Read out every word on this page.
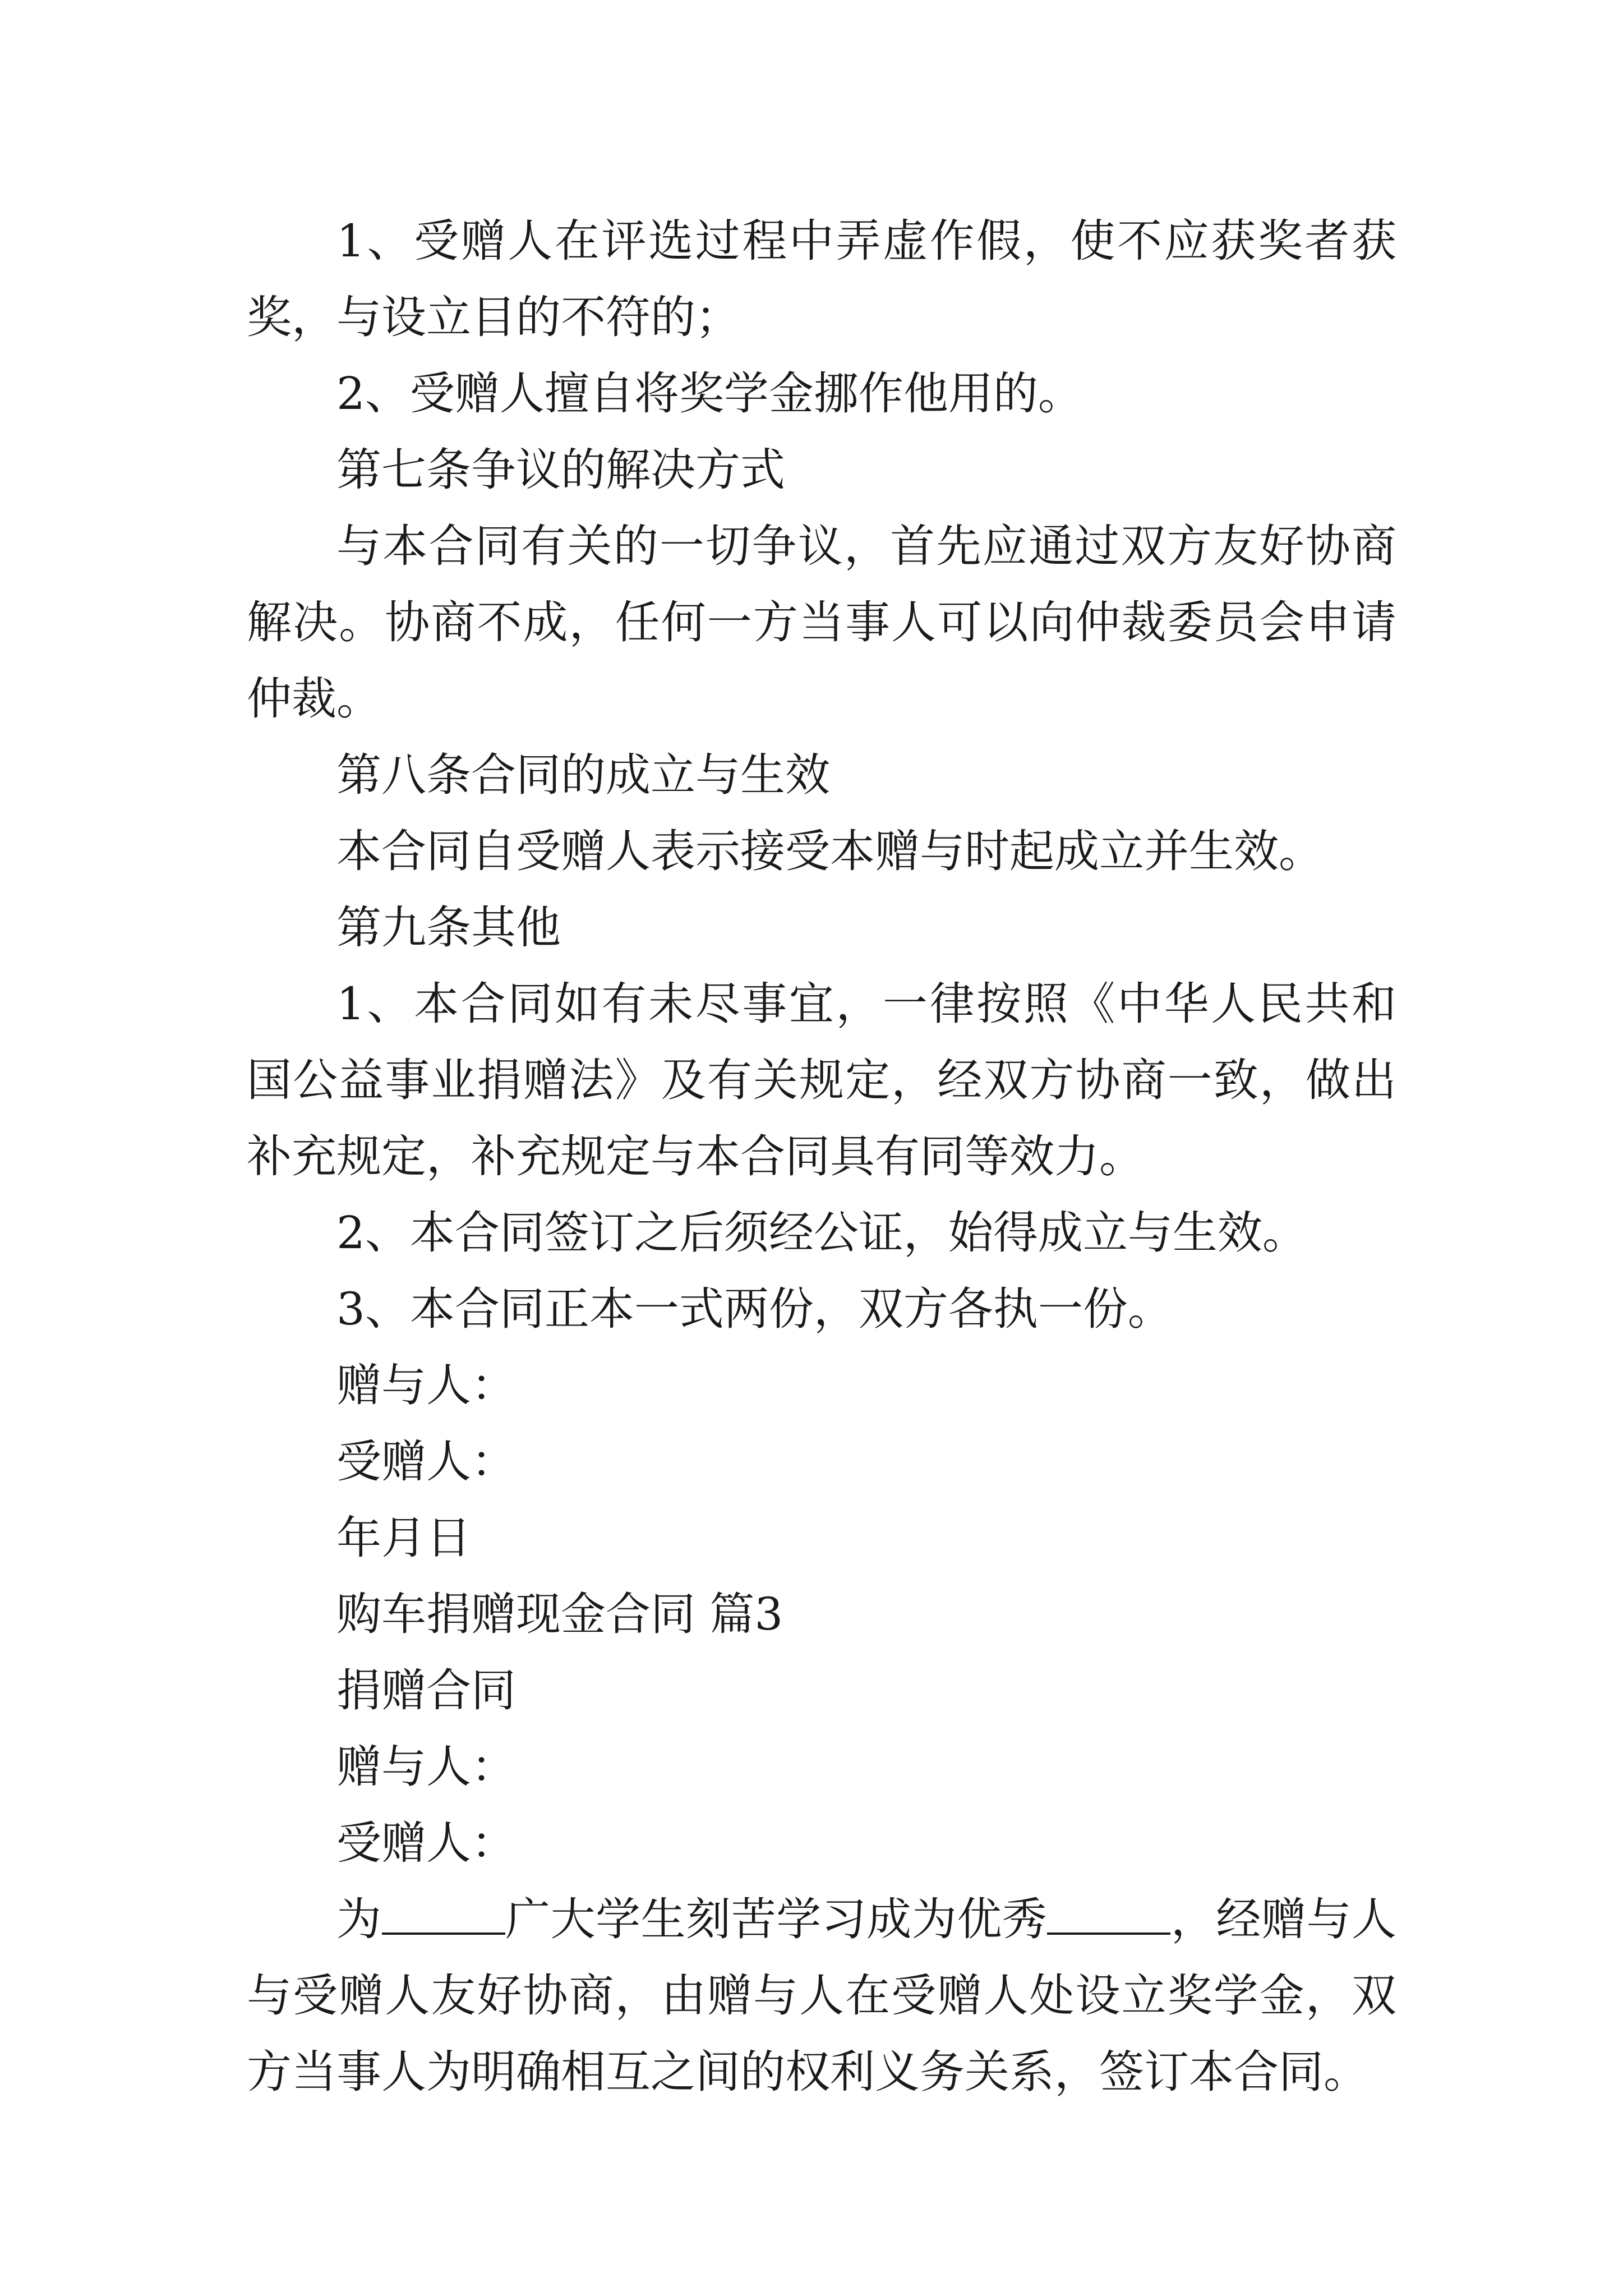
1、受赠人在评选过程中弄虚作假，使不应获奖者获奖，与设立目的不符的；

2、受赠人擅自将奖学金挪作他用的。

第七条争议的解决方式

与本合同有关的一切争议，首先应通过双方友好协商解决。协商不成，任何一方当事人可以向仲裁委员会申请仲裁。

第八条合同的成立与生效

本合同自受赠人表示接受本赠与时起成立并生效。

第九条其他

1、本合同如有未尽事宜，一律按照《中华人民共和国公益事业捐赠法》及有关规定，经双方协商一致，做出补充规定，补充规定与本合同具有同等效力。

2、本合同签订之后须经公证，始得成立与生效。

3、本合同正本一式两份，双方各执一份。

赠与人：

受赠人：

年月日

购车捐赠现金合同 篇3

捐赠合同

赠与人：

受赠人：

为	广大学生刻苦学习成为优秀	，经赠与人与受赠人友好协商，由赠与人在受赠人处设立奖学金，双方当事人为明确相互之间的权利义务关系，签订本合同。
